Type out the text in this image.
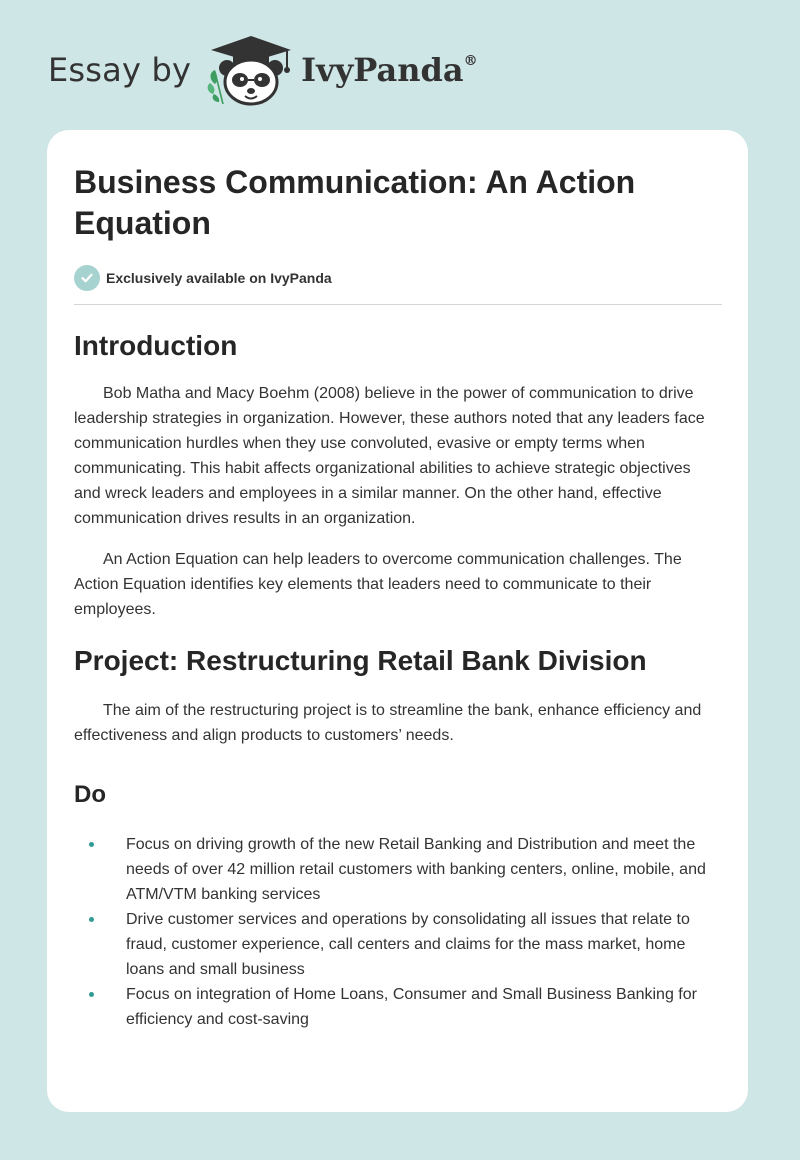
Essay by	IvyPanda®
Business Communication: An Action Equation
Exclusively available on IvyPanda
Introduction

Bob Matha and Macy Boehm (2008) believe in the power of communication to drive leadership strategies in organization. However, these authors noted that any leaders face communication hurdles when they use convoluted, evasive or empty terms when communicating. This habit affects organizational abilities to achieve strategic objectives and wreck leaders and employees in a similar manner. On the other hand, effective communication drives results in an organization.

An Action Equation can help leaders to overcome communication challenges. The Action Equation identifies key elements that leaders need to communicate to their employees.

Project: Restructuring Retail Bank Division

The aim of the restructuring project is to streamline the bank, enhance efficiency and effectiveness and align products to customers’ needs.

Do
Focus on driving growth of the new Retail Banking and Distribution and meet the needs of over 42 million retail customers with banking centers, online, mobile, and ATM/VTM banking services
Drive customer services and operations by consolidating all issues that relate to fraud, customer experience, call centers and claims for the mass market, home loans and small business
Focus on integration of Home Loans, Consumer and Small Business Banking for efficiency and cost-saving
